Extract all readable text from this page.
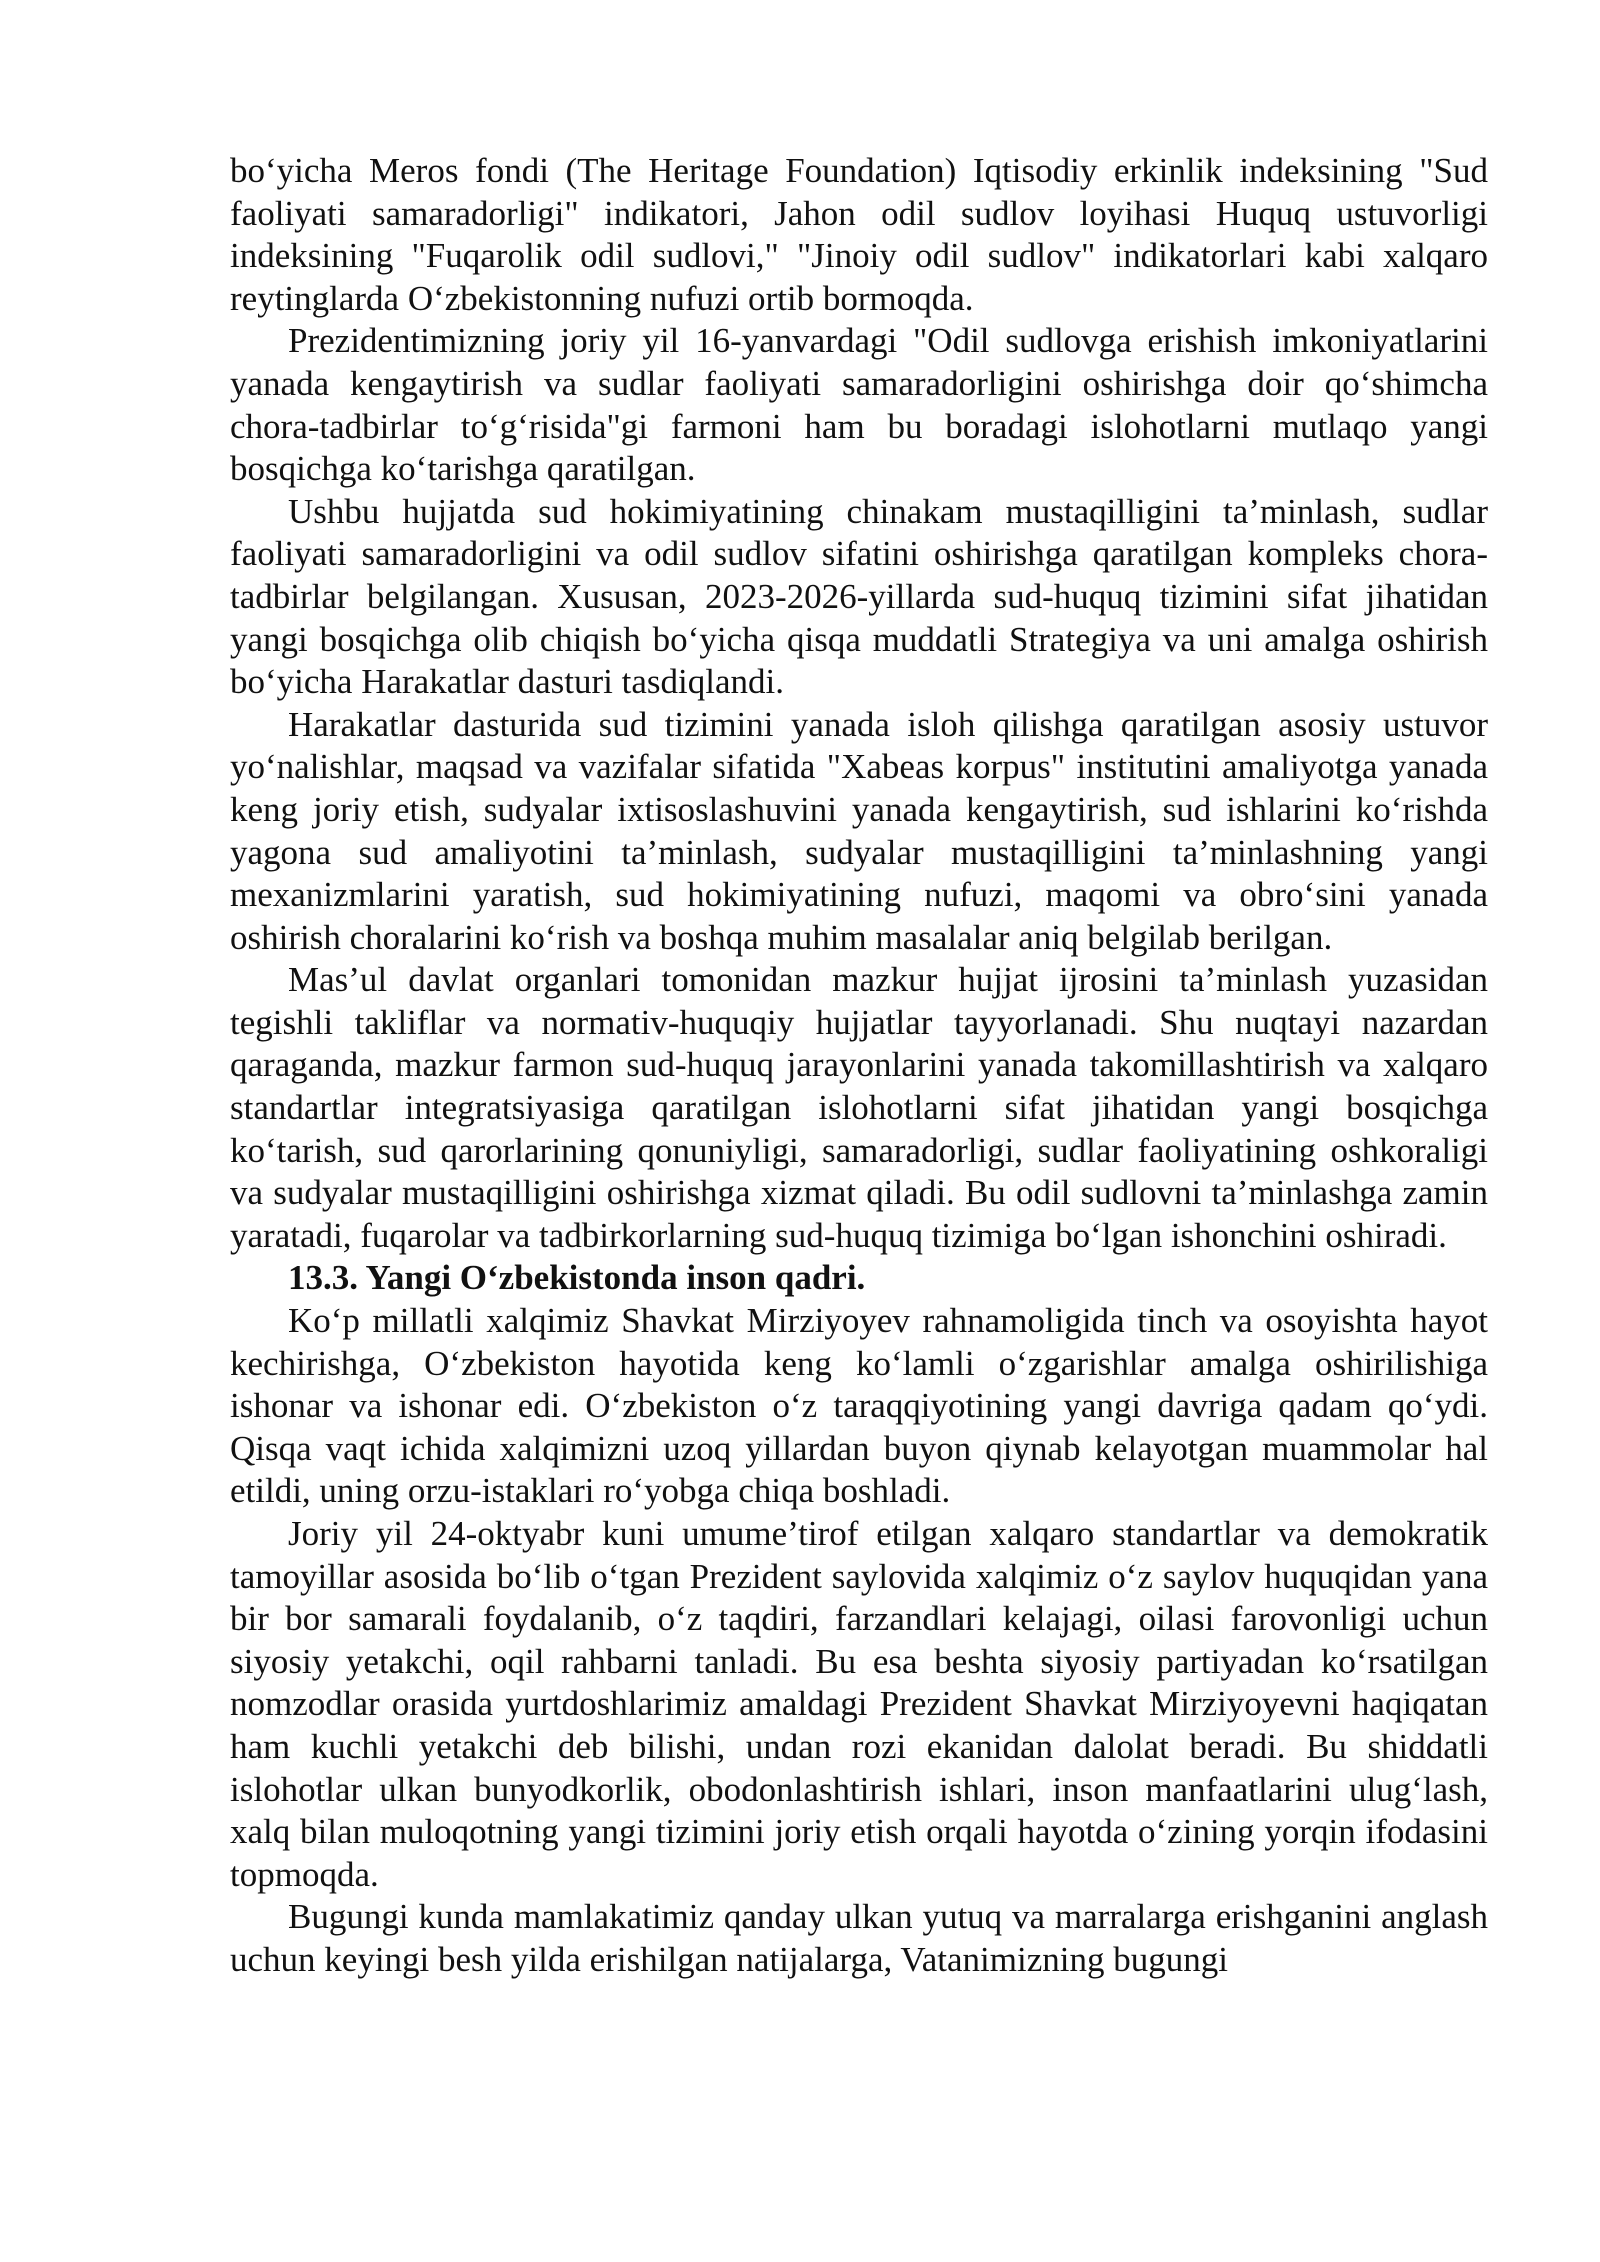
bo‘yicha Meros fondi (The Heritage Foundation) Iqtisodiy erkinlik indeksining "Sud faoliyati samaradorligi" indikatori, Jahon odil sudlov loyihasi Huquq ustuvorligi indeksining "Fuqarolik odil sudlovi," "Jinoiy odil sudlov" indikatorlari kabi xalqaro reytinglarda O‘zbekistonning nufuzi ortib bormoqda.

Prezidentimizning joriy yil 16-yanvardagi "Odil sudlovga erishish imkoniyatlarini yanada kengaytirish va sudlar faoliyati samaradorligini oshirishga doir qo‘shimcha chora-tadbirlar to‘g‘risida"gi farmoni ham bu boradagi islohotlarni mutlaqo yangi bosqichga ko‘tarishga qaratilgan.

Ushbu hujjatda sud hokimiyatining chinakam mustaqilligini ta’minlash, sudlar faoliyati samaradorligini va odil sudlov sifatini oshirishga qaratilgan kompleks chora-tadbirlar belgilangan. Xususan, 2023-2026-yillarda sud-huquq tizimini sifat jihatidan yangi bosqichga olib chiqish bo‘yicha qisqa muddatli Strategiya va uni amalga oshirish bo‘yicha Harakatlar dasturi tasdiqlandi.

Harakatlar dasturida sud tizimini yanada isloh qilishga qaratilgan asosiy ustuvor yo‘nalishlar, maqsad va vazifalar sifatida "Xabeas korpus" institutini amaliyotga yanada keng joriy etish, sudyalar ixtisoslashuvini yanada kengaytirish, sud ishlarini ko‘rishda yagona sud amaliyotini ta’minlash, sudyalar mustaqilligini ta’minlashning yangi mexanizmlarini yaratish, sud hokimiyatining nufuzi, maqomi va obro‘sini yanada oshirish choralarini ko‘rish va boshqa muhim masalalar aniq belgilab berilgan.

Mas’ul davlat organlari tomonidan mazkur hujjat ijrosini ta’minlash yuzasidan tegishli takliflar va normativ-huquqiy hujjatlar tayyorlanadi. Shu nuqtayi nazardan qaraganda, mazkur farmon sud-huquq jarayonlarini yanada takomillashtirish va xalqaro standartlar integratsiyasiga qaratilgan islohotlarni sifat jihatidan yangi bosqichga ko‘tarish, sud qarorlarining qonuniyligi, samaradorligi, sudlar faoliyatining oshkoraligi va sudyalar mustaqilligini oshirishga xizmat qiladi. Bu odil sudlovni ta’minlashga zamin yaratadi, fuqarolar va tadbirkorlarning sud-huquq tizimiga bo‘lgan ishonchini oshiradi.

13.3. Yangi O‘zbekistonda inson qadri.

Ko‘p millatli xalqimiz Shavkat Mirziyoyev rahnamoligida tinch va osoyishta hayot kechirishga, O‘zbekiston hayotida keng ko‘lamli o‘zgarishlar amalga oshirilishiga ishonar va ishonar edi. O‘zbekiston o‘z taraqqiyotining yangi davriga qadam qo‘ydi. Qisqa vaqt ichida xalqimizni uzoq yillardan buyon qiynab kelayotgan muammolar hal etildi, uning orzu-istaklari ro‘yobga chiqa boshladi.

Joriy yil 24-oktyabr kuni umume’tirof etilgan xalqaro standartlar va demokratik tamoyillar asosida bo‘lib o‘tgan Prezident saylovida xalqimiz o‘z saylov huquqidan yana bir bor samarali foydalanib, o‘z taqdiri, farzandlari kelajagi, oilasi farovonligi uchun siyosiy yetakchi, oqil rahbarni tanladi. Bu esa beshta siyosiy partiyadan ko‘rsatilgan nomzodlar orasida yurtdoshlarimiz amaldagi Prezident Shavkat Mirziyoyevni haqiqatan ham kuchli yetakchi deb bilishi, undan rozi ekanidan dalolat beradi. Bu shiddatli islohotlar ulkan bunyodkorlik, obodonlashtirish ishlari, inson manfaatlarini ulug‘lash, xalq bilan muloqotning yangi tizimini joriy etish orqali hayotda o‘zining yorqin ifodasini topmoqda.

Bugungi kunda mamlakatimiz qanday ulkan yutuq va marralarga erishganini anglash uchun keyingi besh yilda erishilgan natijalarga, Vatanimizning bugungi
